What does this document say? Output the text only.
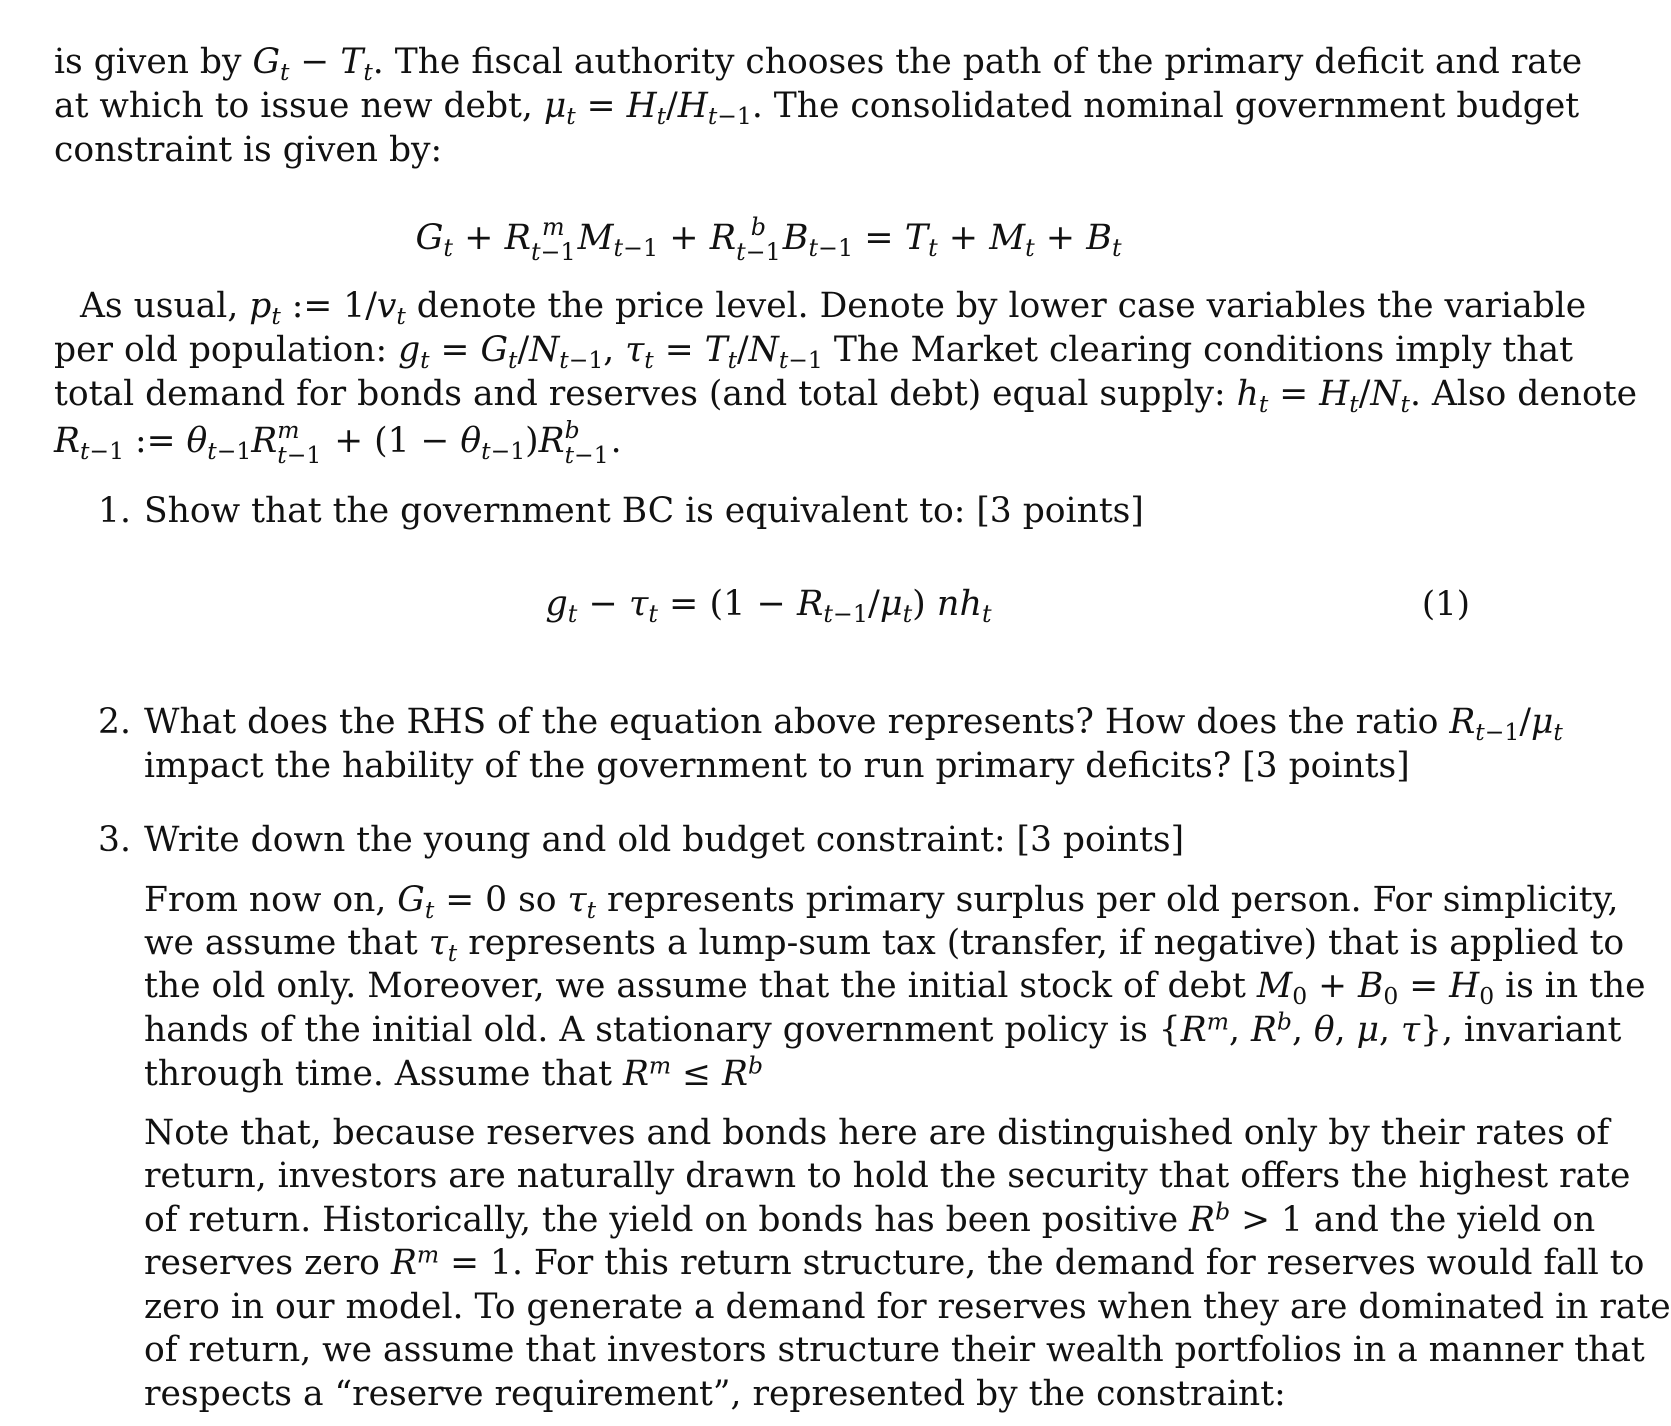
is given by $G_t - T_t$. The fiscal authority chooses the path of the primary deficit and rate
at which to issue new debt, $\mu_t = H_t/H_{t-1}$. The consolidated nominal government budget
constraint is given by:
$G_t + R$ m
t−1 $M_{t-1} + R$ b
t−1 $B_{t-1} = T_t + M_t + B_t$
As usual, $p_t$ := $1/v_t$ denote the price level. Denote by lower case variables the variable
per old population: $g_t = G_t/N_{t-1}$, $\tau_t = T_t/N_{t-1}$ The Market clearing conditions imply that
total demand for bonds and reserves (and total debt) equal supply: $h_t = H_t/N_t$. Also denote
$R_{t-1}$ := $\theta_{t-1}R$ m
$t-1 + (1 - \theta_{t-1})R$ b
t−1 .
1. Show that the government BC is equivalent to: [3 points]
$g_t - \tau_t = (1 - R_{t-1}/\mu_t)$ $nh_t$	(1)
2. What does the RHS of the equation above represents? How does the ratio $R_{t-1}/\mu_t$
impact the hability of the government to run primary deficits? [3 points]
3. Write down the young and old budget constraint: [3 points]
From now on, $G_t = 0$ so $\tau_t$ represents primary surplus per old person. For simplicity,
we assume that $\tau_t$ represents a lump-sum tax (transfer, if negative) that is applied to
the old only. Moreover, we assume that the initial stock of debt $M_0 + B_0 = H_0$ is in the
hands of the initial old. A stationary government policy is {$R^m$, $R^b$, θ, μ, τ}, invariant
through time. Assume that $R^m \le R^b$
Note that, because reserves and bonds here are distinguished only by their rates of
return, investors are naturally drawn to hold the security that offers the highest rate
of return. Historically, the yield on bonds has been positive $R^b > 1$ and the yield on
reserves zero $R^m = 1$. For this return structure, the demand for reserves would fall to
zero in our model. To generate a demand for reserves when they are dominated in rate
of return, we assume that investors structure their wealth portfolios in a manner that
respects a “reserve requirement”, represented by the constraint:
